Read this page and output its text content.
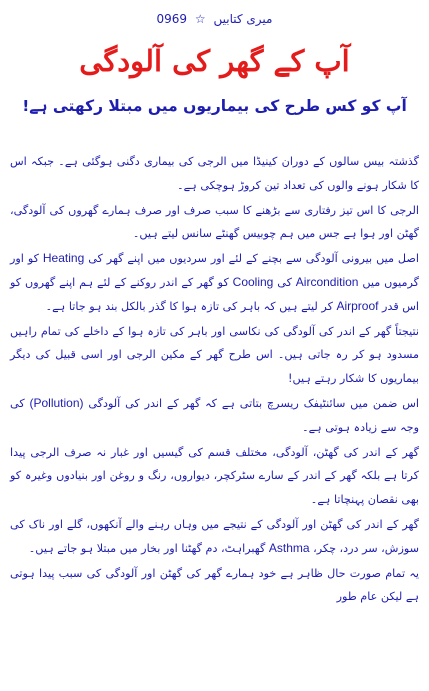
میری کتابیں ☆ 0969
آپ کے گھر کی آلودگی
آپ کو کس طرح کی بیماریوں میں مبتلا رکھتی ہے!

گذشتہ بیس سالوں کے دوران کینیڈا میں الرجی کی بیماری دگنی ہوگئی ہے۔ جبکہ اس کا شکار ہونے والوں کی تعداد تین کروڑ ہوچکی ہے۔

الرجی کا اس تیز رفتاری سے بڑھنے کا سبب صرف اور صرف ہمارے گھروں کی آلودگی، گھٹن اور ہوا ہے جس میں ہم چوبیس گھنٹے سانس لیتے ہیں۔

اصل میں بیرونی آلودگی سے بچنے کے لئے اور سردیوں میں اپنے گھر کی Heating کو اور گرمیوں میں Aircondition کی Cooling کو گھر کے اندر روکنے کے لئے ہم اپنے گھروں کو اس قدر Airproof کر لیتے ہیں کہ باہر کی تازہ ہوا کا گذر بالکل بند ہو جاتا ہے۔

نتیجتاً گھر کے اندر کی آلودگی کی نکاسی اور باہر کی تازہ ہوا کے داخلے کی تمام راہیں مسدود ہو کر رہ جاتی ہیں۔ اس طرح گھر کے مکین الرجی اور اسی قبیل کی دیگر بیماریوں کا شکار رہتے ہیں!

اس ضمن میں سائنٹیفک ریسرچ بتاتی ہے کہ گھر کے اندر کی آلودگی (Pollution) کی وجہ سے زیادہ ہوتی ہے۔

گھر کے اندر کی گھٹن، آلودگی، مختلف قسم کی گیسیں اور غبار نہ صرف الرجی پیدا کرتا ہے بلکہ گھر کے اندر کے سارے سٹرکچر، دیواروں، رنگ و روغن اور بنیادوں وغیرہ کو بھی نقصان پہنچاتا ہے۔

گھر کے اندر کی گھٹن اور آلودگی کے نتیجے میں وہاں رہنے والے آنکھوں، گلے اور ناک کی سوزش، سر درد، چکر، Asthma گھبراہٹ، دم گھٹنا اور بخار میں مبتلا ہو جاتے ہیں۔

یہ تمام صورت حال ظاہر ہے خود ہمارے گھر کی گھٹن اور آلودگی کی سبب پیدا ہوتی ہے لیکن عام طور
